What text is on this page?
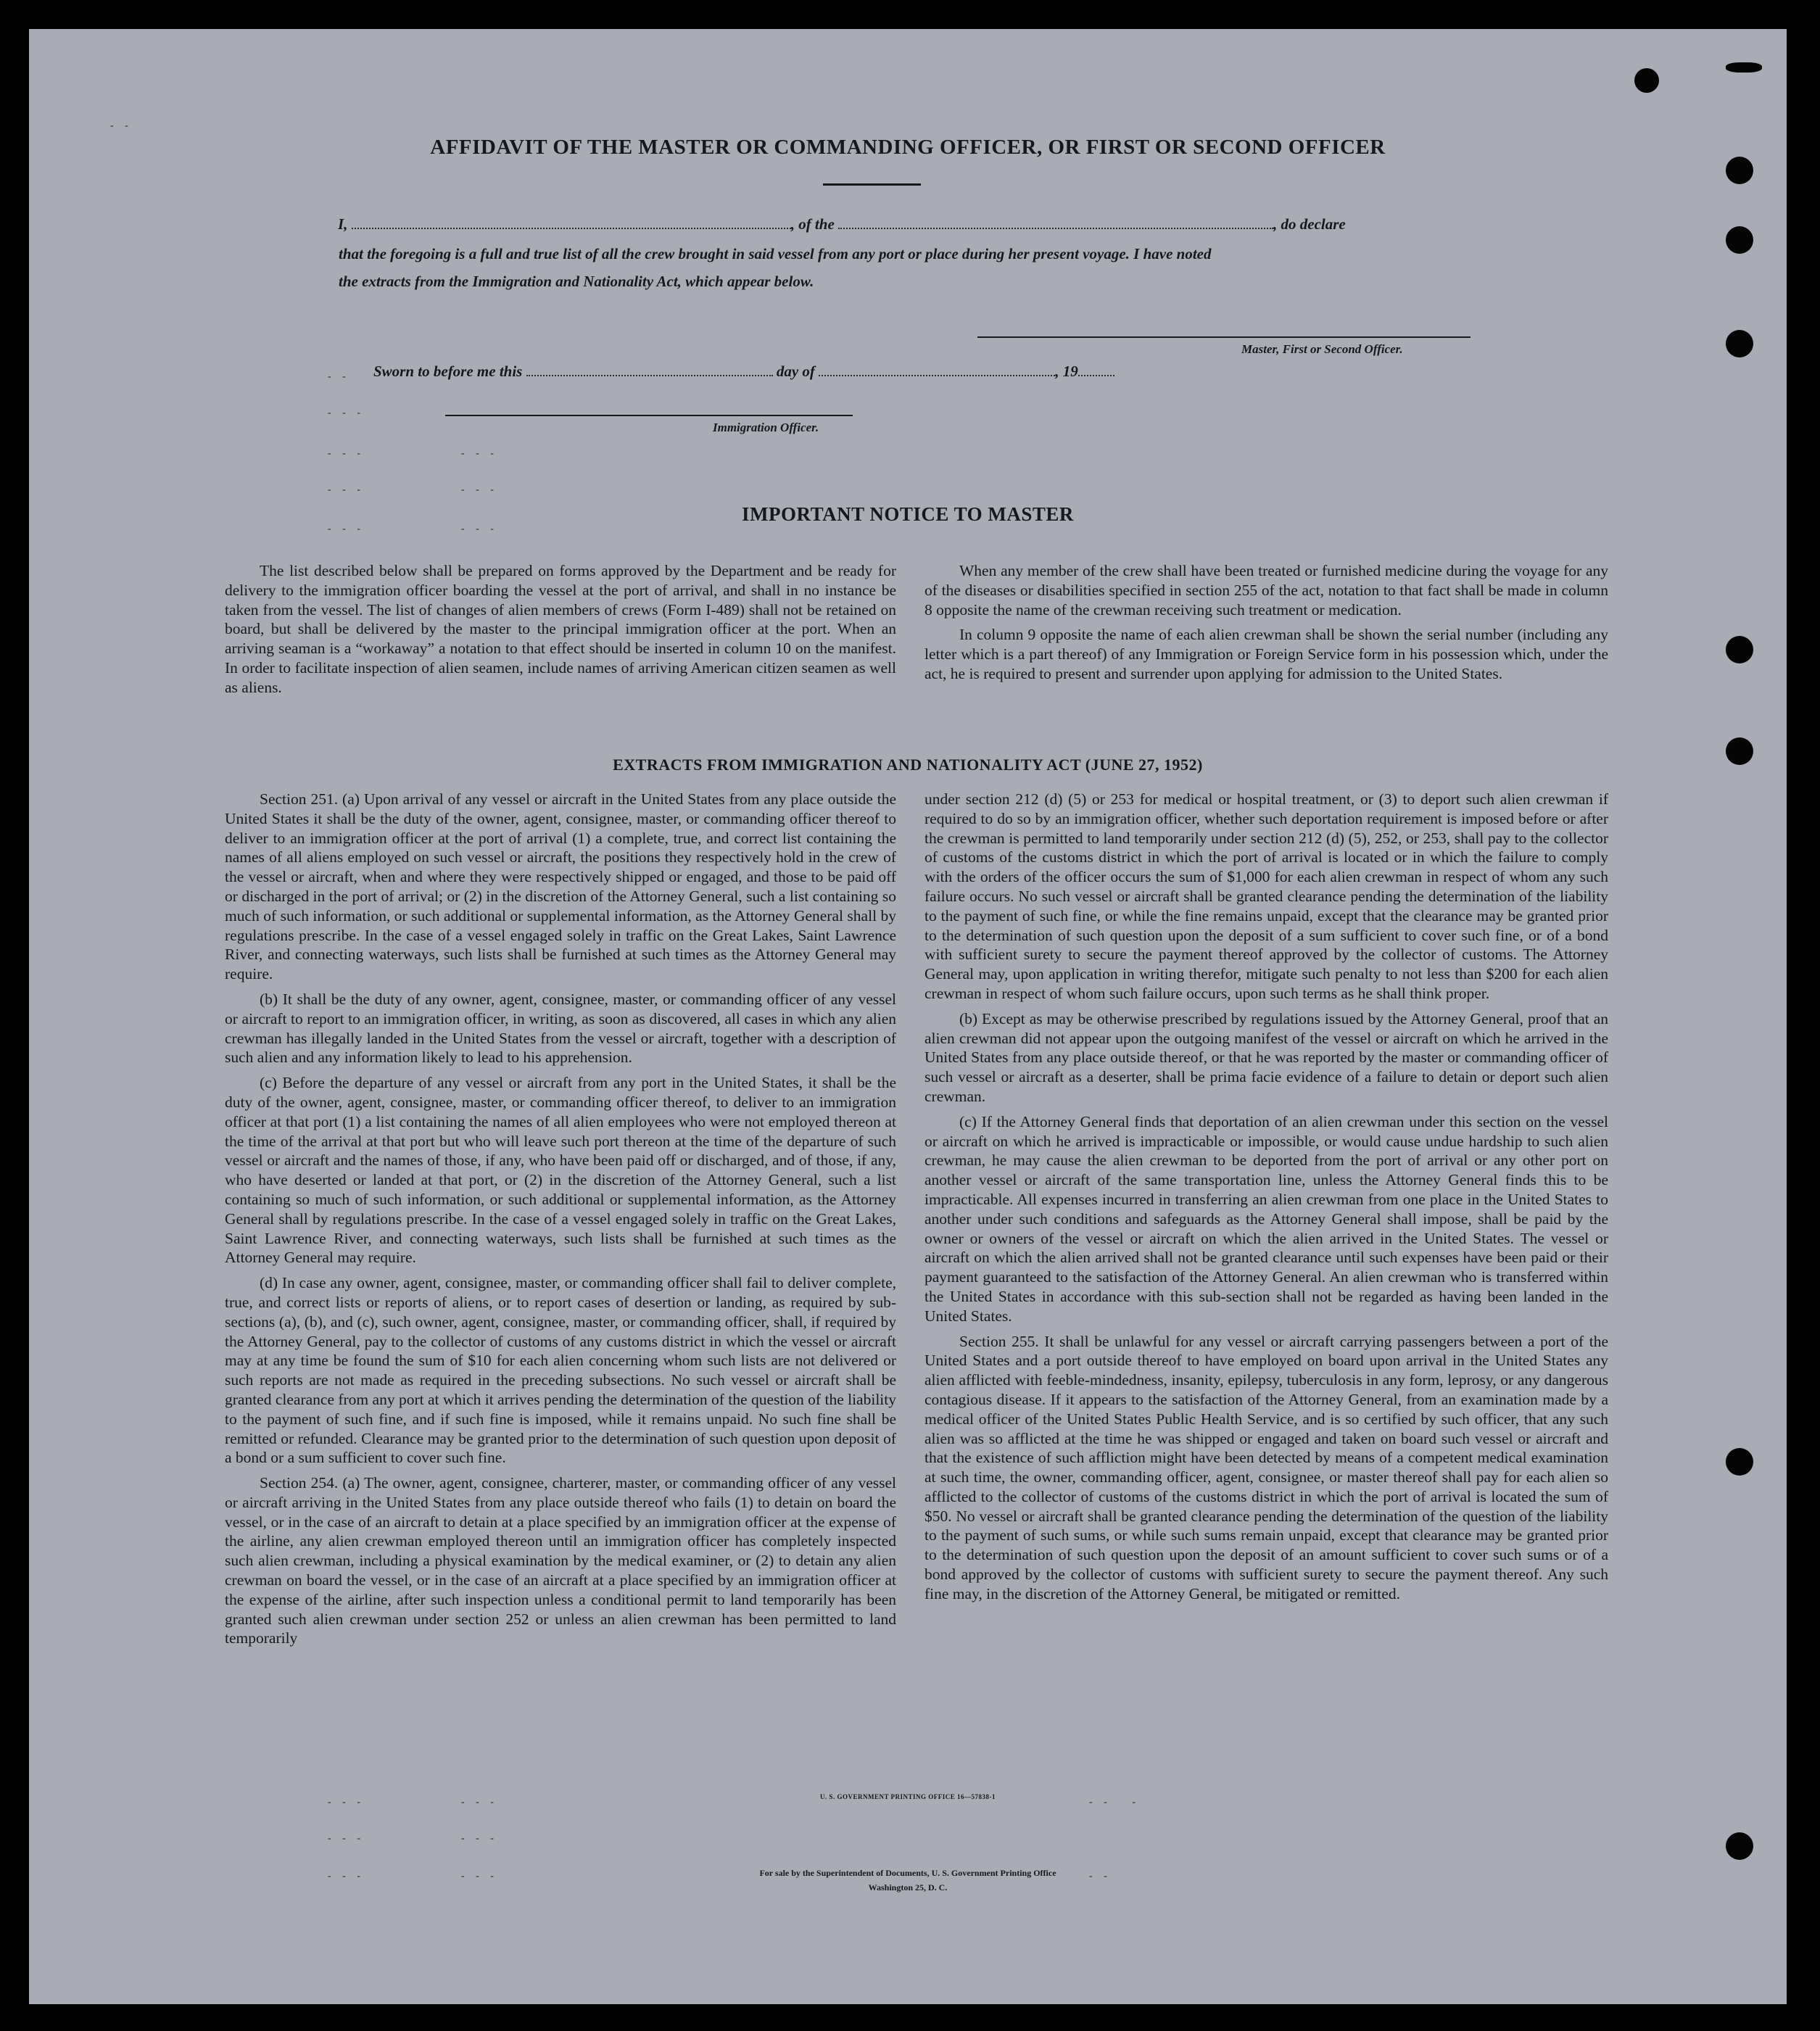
- -
- - -
- - -              - - -
- - -              - - -
- - -              - - -
- - -              - - -
- - -              - - -
- - -              - - -
- -   -
- -
- -
AFFIDAVIT OF THE MASTER OR COMMANDING OFFICER, OR FIRST OR SECOND OFFICER
I,	, of the	, do declare
that the foregoing is a full and true list of all the crew brought in said vessel from any port or place during her present voyage. I have noted
the extracts from the Immigration and Nationality Act, which appear below.
Master, First or Second Officer.
Sworn to before me this	day of	, 19
Immigration Officer.
IMPORTANT NOTICE TO MASTER

The list described below shall be prepared on forms approved by the Department and be ready for delivery to the immigration officer boarding the vessel at the port of arrival, and shall in no instance be taken from the vessel. The list of changes of alien members of crews (Form I-489) shall not be retained on board, but shall be delivered by the master to the principal immigration officer at the port. When an arriving seaman is a “workaway” a notation to that effect should be inserted in column 10 on the manifest. In order to facilitate inspection of alien seamen, include names of arriving American citizen seamen as well as aliens.

When any member of the crew shall have been treated or furnished medicine during the voyage for any of the diseases or disabilities specified in section 255 of the act, notation to that fact shall be made in column 8 opposite the name of the crewman receiving such treatment or medication.

In column 9 opposite the name of each alien crewman shall be shown the serial number (including any letter which is a part thereof) of any Immigration or Foreign Service form in his possession which, under the act, he is required to present and surrender upon applying for admission to the United States.

EXTRACTS FROM IMMIGRATION AND NATIONALITY ACT (JUNE 27, 1952)

Section 251. (a) Upon arrival of any vessel or aircraft in the United States from any place outside the United States it shall be the duty of the owner, agent, consignee, master, or commanding officer thereof to deliver to an immigration officer at the port of arrival (1) a complete, true, and correct list containing the names of all aliens employed on such vessel or aircraft, the positions they respectively hold in the crew of the vessel or aircraft, when and where they were respectively shipped or engaged, and those to be paid off or discharged in the port of arrival; or (2) in the discretion of the Attorney General, such a list containing so much of such information, or such additional or supplemental information, as the Attorney General shall by regulations prescribe. In the case of a vessel engaged solely in traffic on the Great Lakes, Saint Lawrence River, and connecting waterways, such lists shall be furnished at such times as the Attorney General may require.

(b) It shall be the duty of any owner, agent, consignee, master, or commanding officer of any vessel or aircraft to report to an immigration officer, in writing, as soon as discovered, all cases in which any alien crewman has illegally landed in the United States from the vessel or aircraft, together with a description of such alien and any information likely to lead to his apprehension.

(c) Before the departure of any vessel or aircraft from any port in the United States, it shall be the duty of the owner, agent, consignee, master, or commanding officer thereof, to deliver to an immigration officer at that port (1) a list containing the names of all alien employees who were not employed thereon at the time of the arrival at that port but who will leave such port thereon at the time of the departure of such vessel or aircraft and the names of those, if any, who have been paid off or discharged, and of those, if any, who have deserted or landed at that port, or (2) in the discretion of the Attorney General, such a list containing so much of such information, or such additional or supplemental information, as the Attorney General shall by regulations prescribe. In the case of a vessel engaged solely in traffic on the Great Lakes, Saint Lawrence River, and connecting waterways, such lists shall be furnished at such times as the Attorney General may require.

(d) In case any owner, agent, consignee, master, or commanding officer shall fail to deliver complete, true, and correct lists or reports of aliens, or to report cases of desertion or landing, as required by sub-sections (a), (b), and (c), such owner, agent, consignee, master, or commanding officer, shall, if required by the Attorney General, pay to the collector of customs of any customs district in which the vessel or aircraft may at any time be found the sum of $10 for each alien concerning whom such lists are not delivered or such reports are not made as required in the preceding subsections. No such vessel or aircraft shall be granted clearance from any port at which it arrives pending the determination of the question of the liability to the payment of such fine, and if such fine is imposed, while it remains unpaid. No such fine shall be remitted or refunded. Clearance may be granted prior to the determination of such question upon deposit of a bond or a sum sufficient to cover such fine.

Section 254. (a) The owner, agent, consignee, charterer, master, or commanding officer of any vessel or aircraft arriving in the United States from any place outside thereof who fails (1) to detain on board the vessel, or in the case of an aircraft to detain at a place specified by an immigration officer at the expense of the airline, any alien crewman employed thereon until an immigration officer has completely inspected such alien crewman, including a physical examination by the medical examiner, or (2) to detain any alien crewman on board the vessel, or in the case of an aircraft at a place specified by an immigration officer at the expense of the airline, after such inspection unless a conditional permit to land temporarily has been granted such alien crewman under section 252 or unless an alien crewman has been permitted to land temporarily

under section 212 (d) (5) or 253 for medical or hospital treatment, or (3) to deport such alien crewman if required to do so by an immigration officer, whether such deportation requirement is imposed before or after the crewman is permitted to land temporarily under section 212 (d) (5), 252, or 253, shall pay to the collector of customs of the customs district in which the port of arrival is located or in which the failure to comply with the orders of the officer occurs the sum of $1,000 for each alien crewman in respect of whom any such failure occurs. No such vessel or aircraft shall be granted clearance pending the determination of the liability to the payment of such fine, or while the fine remains unpaid, except that the clearance may be granted prior to the determination of such question upon the deposit of a sum sufficient to cover such fine, or of a bond with sufficient surety to secure the payment thereof approved by the collector of customs. The Attorney General may, upon application in writing therefor, mitigate such penalty to not less than $200 for each alien crewman in respect of whom such failure occurs, upon such terms as he shall think proper.

(b) Except as may be otherwise prescribed by regulations issued by the Attorney General, proof that an alien crewman did not appear upon the outgoing manifest of the vessel or aircraft on which he arrived in the United States from any place outside thereof, or that he was reported by the master or commanding officer of such vessel or aircraft as a deserter, shall be prima facie evidence of a failure to detain or deport such alien crewman.

(c) If the Attorney General finds that deportation of an alien crewman under this section on the vessel or aircraft on which he arrived is impracticable or impossible, or would cause undue hardship to such alien crewman, he may cause the alien crewman to be deported from the port of arrival or any other port on another vessel or aircraft of the same transportation line, unless the Attorney General finds this to be impracticable. All expenses incurred in transferring an alien crewman from one place in the United States to another under such conditions and safeguards as the Attorney General shall impose, shall be paid by the owner or owners of the vessel or aircraft on which the alien arrived in the United States. The vessel or aircraft on which the alien arrived shall not be granted clearance until such expenses have been paid or their payment guaranteed to the satisfaction of the Attorney General. An alien crewman who is transferred within the United States in accordance with this sub-section shall not be regarded as having been landed in the United States.

Section 255. It shall be unlawful for any vessel or aircraft carrying passengers between a port of the United States and a port outside thereof to have employed on board upon arrival in the United States any alien afflicted with feeble-mindedness, insanity, epilepsy, tuberculosis in any form, leprosy, or any dangerous contagious disease. If it appears to the satisfaction of the Attorney General, from an examination made by a medical officer of the United States Public Health Service, and is so certified by such officer, that any such alien was so afflicted at the time he was shipped or engaged and taken on board such vessel or aircraft and that the existence of such affliction might have been detected by means of a competent medical examination at such time, the owner, commanding officer, agent, consignee, or master thereof shall pay for each alien so afflicted to the collector of customs of the customs district in which the port of arrival is located the sum of $50. No vessel or aircraft shall be granted clearance pending the determination of the question of the liability to the payment of such sums, or while such sums remain unpaid, except that clearance may be granted prior to the determination of such question upon the deposit of an amount sufficient to cover such sums or of a bond approved by the collector of customs with sufficient surety to secure the payment thereof. Any such fine may, in the discretion of the Attorney General, be mitigated or remitted.

U. S. GOVERNMENT PRINTING OFFICE 16—57838-1
For sale by the Superintendent of Documents, U. S. Government Printing Office
Washington 25, D. C.
